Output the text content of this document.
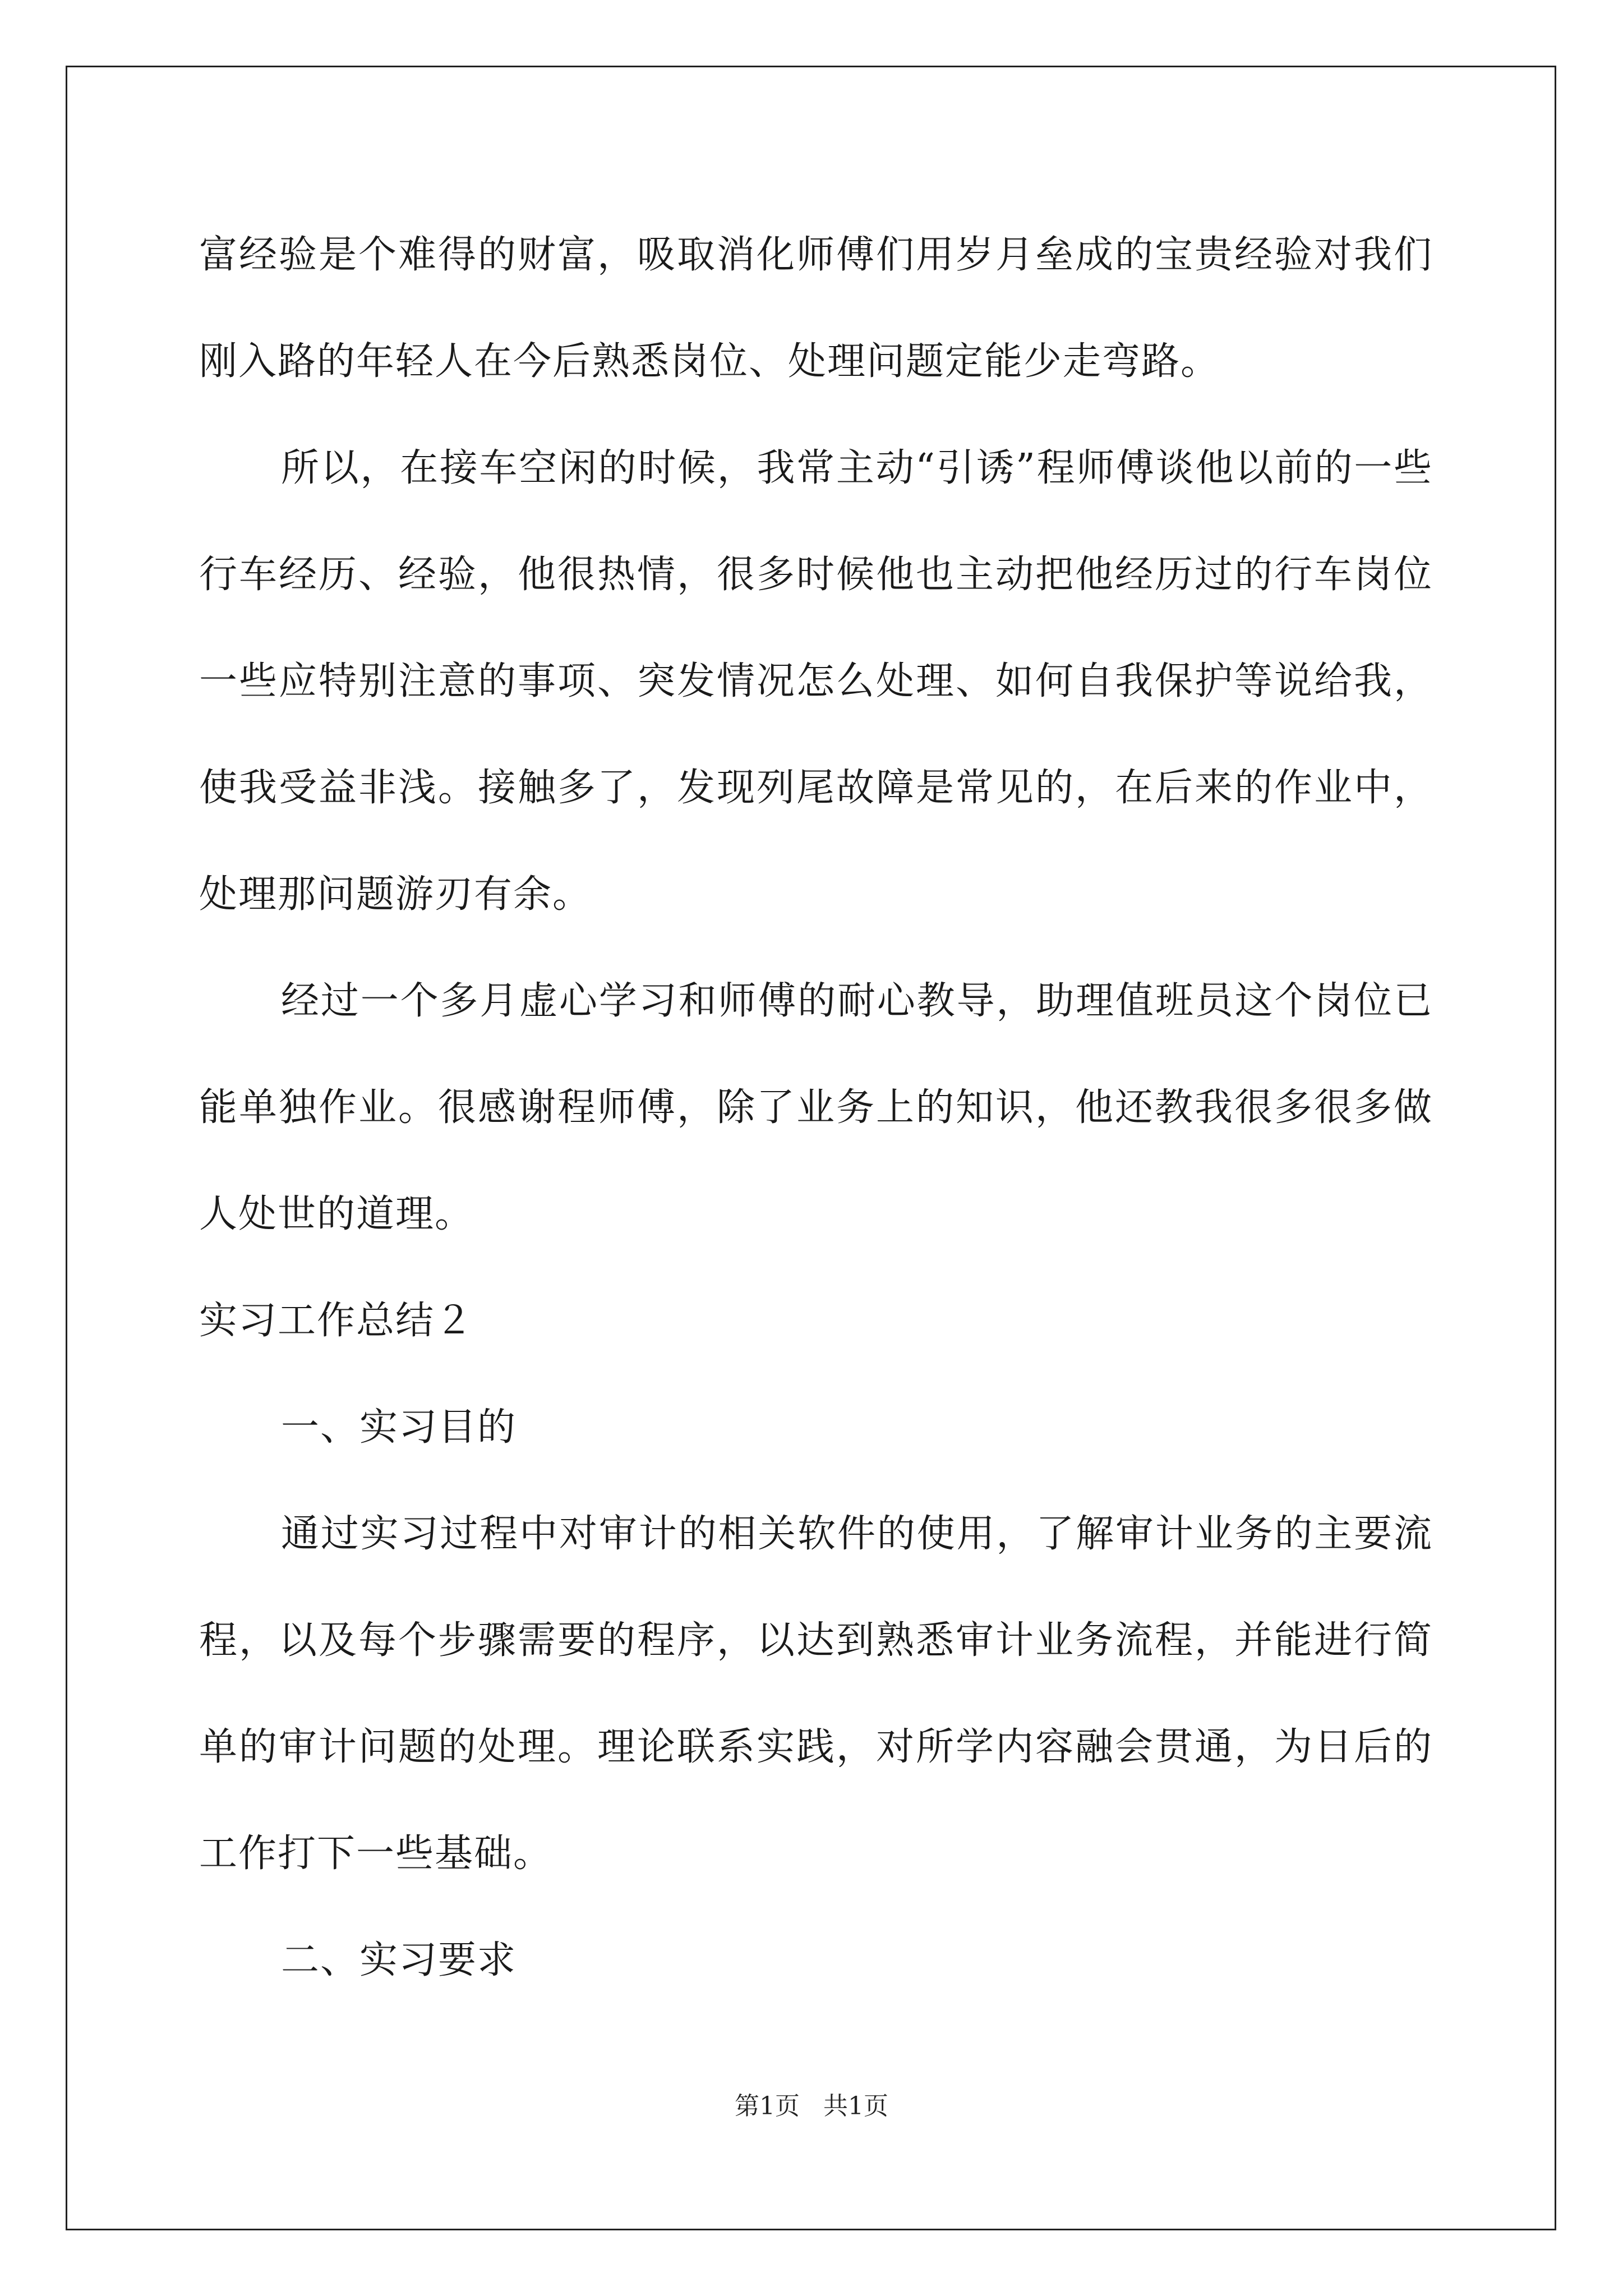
富经验是个难得的财富，吸取消化师傅们用岁月垒成的宝贵经验对我们刚入路的年轻人在今后熟悉岗位、处理问题定能少走弯路。

所以，在接车空闲的时候，我常主动“引诱”程师傅谈他以前的一些行车经历、经验，他很热情，很多时候他也主动把他经历过的行车岗位一些应特别注意的事项、突发情况怎么处理、如何自我保护等说给我，使我受益非浅。接触多了，发现列尾故障是常见的，在后来的作业中，处理那问题游刃有余。

经过一个多月虚心学习和师傅的耐心教导，助理值班员这个岗位已能单独作业。很感谢程师傅，除了业务上的知识，他还教我很多很多做人处世的道理。

实习工作总结２

一、实习目的

通过实习过程中对审计的相关软件的使用，了解审计业务的主要流程，以及每个步骤需要的程序，以达到熟悉审计业务流程，并能进行简单的审计问题的处理。理论联系实践，对所学内容融会贯通，为日后的工作打下一些基础。

二、实习要求

第1页 共1页
